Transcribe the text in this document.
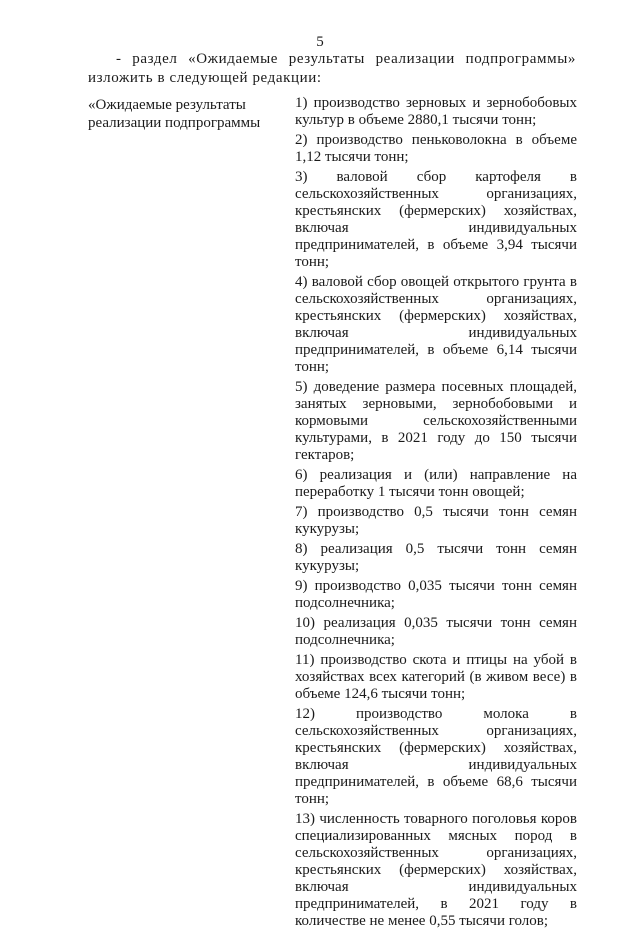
5
- раздел «Ожидаемые результаты реализации подпрограммы» изложить в следующей редакции:
«Ожидаемые результаты реализации подпрограммы

1) производство зерновых и зернобобовых культур в объеме 2880,1 тысячи тонн;

2) производство пеньковолокна в объеме 1,12 тысячи тонн;

3) валовой сбор картофеля в сельскохозяйственных организациях, крестьянских (фермерских) хозяйствах, включая индивидуальных предпринимателей, в объеме 3,94 тысячи тонн;

4) валовой сбор овощей открытого грунта в сельскохозяйственных организациях, крестьянских (фермерских) хозяйствах, включая индивидуальных предпринимателей, в объеме 6,14 тысячи тонн;

5) доведение размера посевных площадей, занятых зерновыми, зернобобовыми и кормовыми сельскохозяйственными культурами, в 2021 году до 150 тысячи гектаров;

6) реализация и (или) направление на переработку 1 тысячи тонн овощей;

7) производство 0,5 тысячи тонн семян кукурузы;

8) реализация 0,5 тысячи тонн семян кукурузы;

9) производство 0,035 тысячи тонн семян подсолнечника;

10) реализация 0,035 тысячи тонн семян подсолнечника;

11) производство скота и птицы на убой в хозяйствах всех категорий (в живом весе) в объеме 124,6 тысячи тонн;

12) производство молока в сельскохозяйственных организациях, крестьянских (фермерских) хозяйствах, включая индивидуальных предпринимателей, в объеме 68,6 тысячи тонн;

13) численность товарного поголовья коров специализированных мясных пород в сельскохозяйственных организациях, крестьянских (фермерских) хозяйствах, включая индивидуальных предпринимателей, в 2021 году в количестве не менее 0,55 тысячи голов;
